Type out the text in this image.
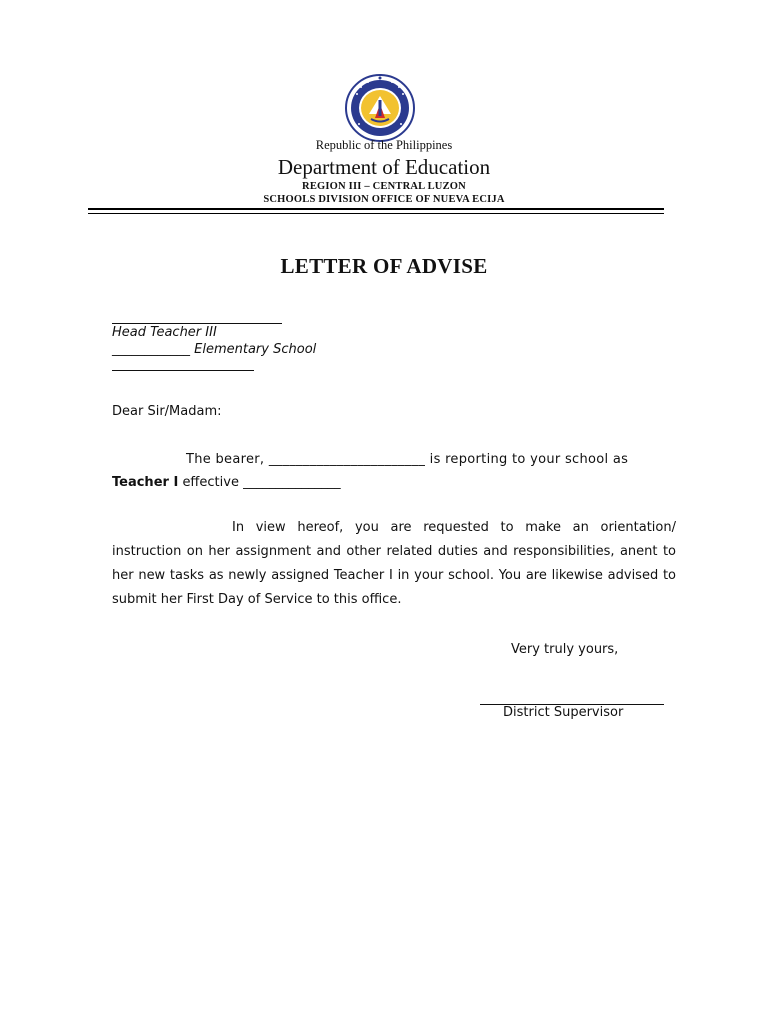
Republic of the Philippines
Department of Education
REGION III – CENTRAL LUZON
SCHOOLS DIVISION OFFICE OF NUEVA ECIJA
LETTER OF ADVISE
Head Teacher III
____________ Elementary School
Dear Sir/Madam:
The bearer, _______________________ is reporting to your school as
Teacher I effective _______________
In view hereof, you are requested to make an orientation/ instruction on her assignment and other related duties and responsibilities, anent to her new tasks as newly assigned Teacher I in your school. You are likewise advised to submit her First Day of Service to this office.
Very truly yours,
District Supervisor
